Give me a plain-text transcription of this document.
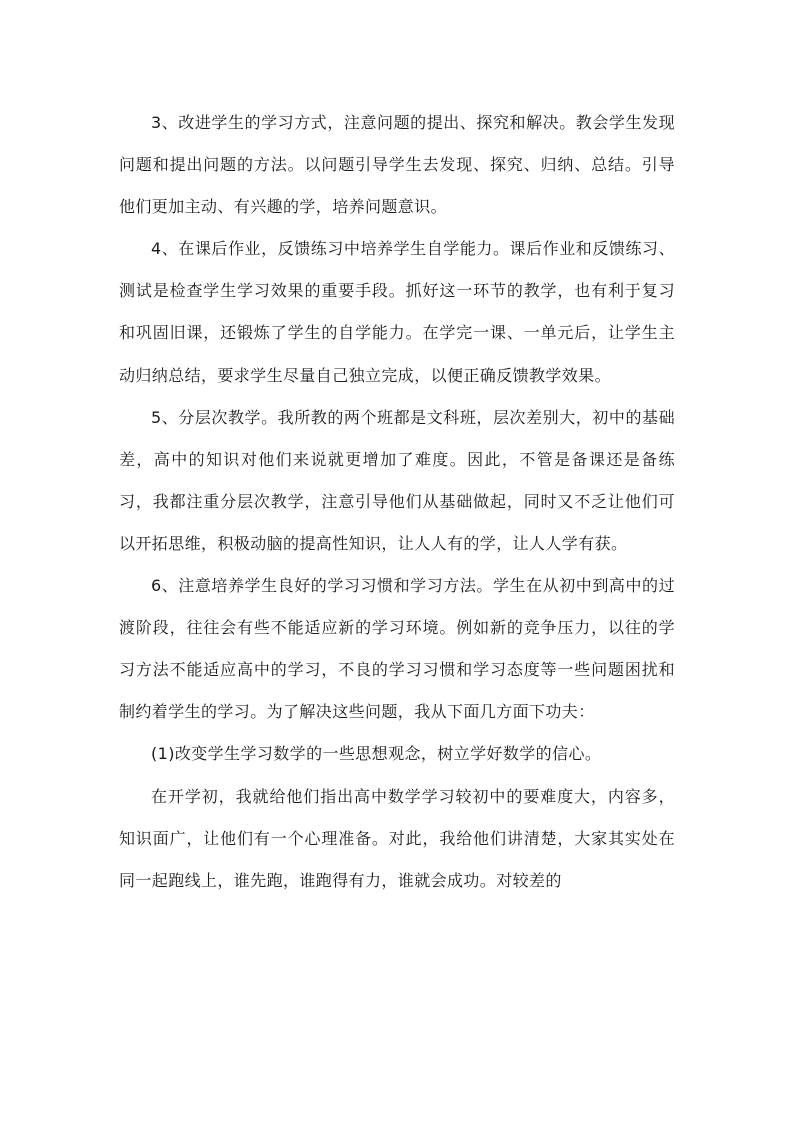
3、改进学生的学习方式，注意问题的提出、探究和解决。教会学生发现问题和提出问题的方法。以问题引导学生去发现、探究、归纳、总结。引导他们更加主动、有兴趣的学，培养问题意识。

4、在课后作业，反馈练习中培养学生自学能力。课后作业和反馈练习、测试是检查学生学习效果的重要手段。抓好这一环节的教学，也有利于复习和巩固旧课，还锻炼了学生的自学能力。在学完一课、一单元后，让学生主动归纳总结，要求学生尽量自己独立完成，以便正确反馈教学效果。

5、分层次教学。我所教的两个班都是文科班，层次差别大，初中的基础差，高中的知识对他们来说就更增加了难度。因此，不管是备课还是备练习，我都注重分层次教学，注意引导他们从基础做起，同时又不乏让他们可以开拓思维，积极动脑的提高性知识，让人人有的学，让人人学有获。

6、注意培养学生良好的学习习惯和学习方法。学生在从初中到高中的过渡阶段，往往会有些不能适应新的学习环境。例如新的竞争压力，以往的学习方法不能适应高中的学习，不良的学习习惯和学习态度等一些问题困扰和制约着学生的学习。为了解决这些问题，我从下面几方面下功夫：

(1)改变学生学习数学的一些思想观念，树立学好数学的信心。

在开学初，我就给他们指出高中数学学习较初中的要难度大，内容多，知识面广，让他们有一个心理准备。对此，我给他们讲清楚，大家其实处在同一起跑线上，谁先跑，谁跑得有力，谁就会成功。对较差的
